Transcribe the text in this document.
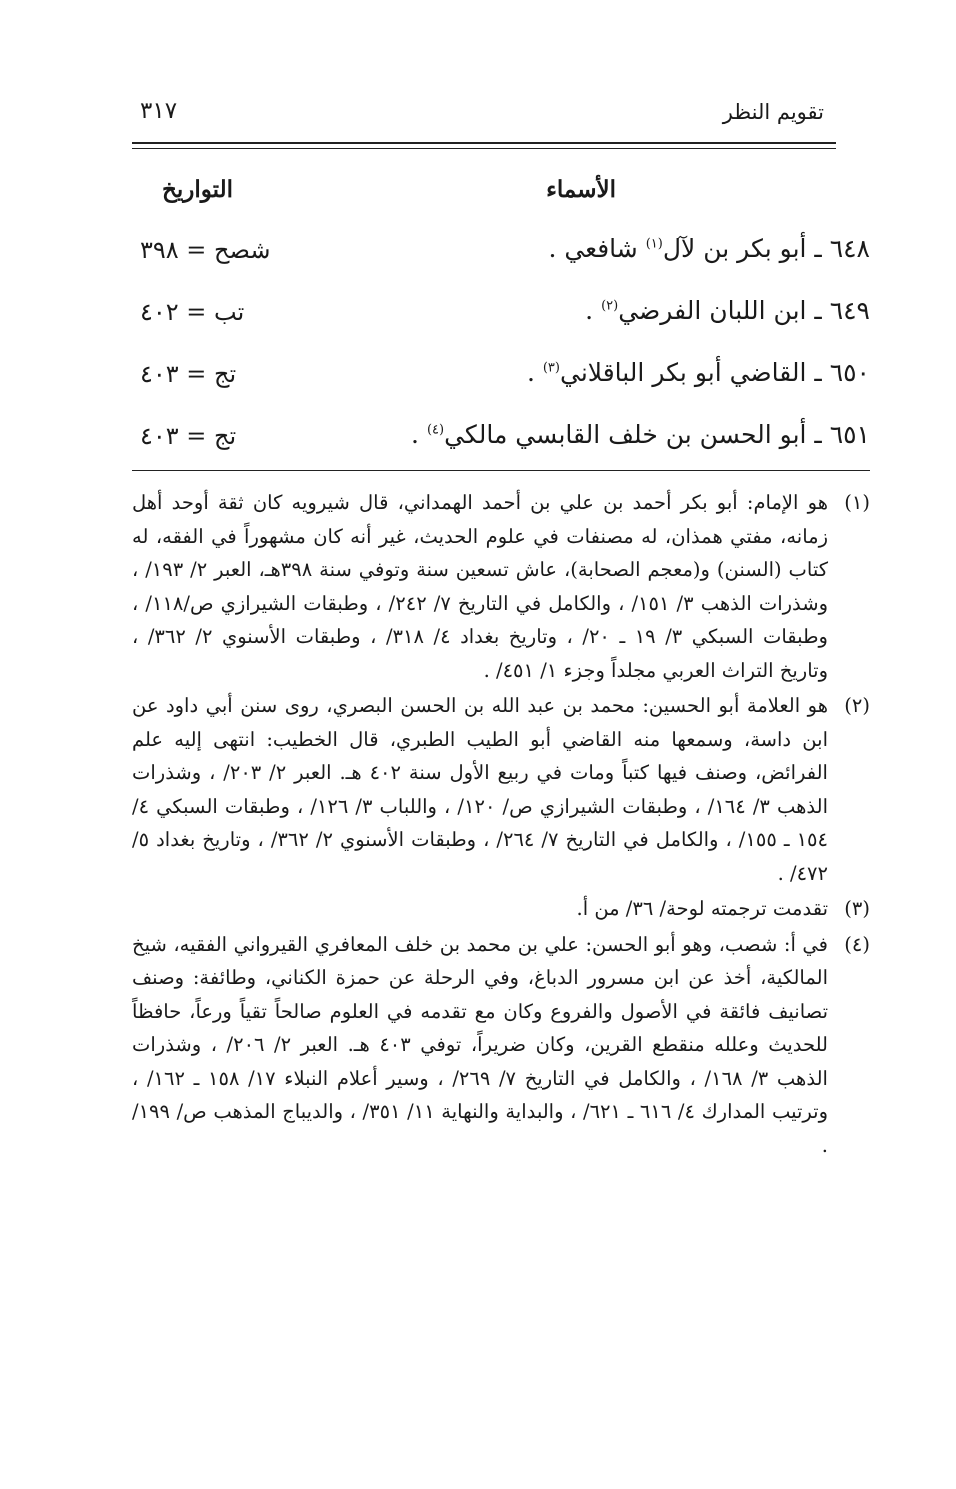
تقويم النظر
٣١٧
الأسماء
التواريخ
٦٤٨ ـ أبو بكر بن لآل$^{(١)}$ شافعي .
شصح = ٣٩٨
٦٤٩ ـ ابن اللبان الفرضي$^{(٢)}$ .
تب = ٤٠٢
٦٥٠ ـ القاضي أبو بكر الباقلاني$^{(٣)}$ .
تج = ٤٠٣
٦٥١ ـ أبو الحسن بن خلف القابسي مالكي$^{(٤)}$ .
تج = ٤٠٣
(١)
هو الإمام: أبو بكر أحمد بن علي بن أحمد الهمداني، قال شيرويه كان ثقة أوحد أهل زمانه، مفتي همذان، له مصنفات في علوم الحديث، غير أنه كان مشهوراً في الفقه، له كتاب (السنن) و(معجم الصحابة)، عاش تسعين سنة وتوفي سنة ٣٩٨هـ، العبر ٢/ ١٩٣/ ، وشذرات الذهب ٣/ ١٥١/ ، والكامل في التاريخ ٧/ ٢٤٢/ ، وطبقات الشيرازي ص/١١٨/ ، وطبقات السبكي ٣/ ١٩ ـ ٢٠/ ، وتاريخ بغداد ٤/ ٣١٨/ ، وطبقات الأسنوي ٢/ ٣٦٢/ ، وتاريخ التراث العربي مجلداً وجزء ١/ ٤٥١/ .
(٢)
هو العلامة أبو الحسين: محمد بن عبد الله بن الحسن البصري، روى سنن أبي داود عن ابن داسة، وسمعها منه القاضي أبو الطيب الطبري، قال الخطيب: انتهى إليه علم الفرائض، وصنف فيها كتباً ومات في ربيع الأول سنة ٤٠٢ هـ. العبر ٢/ ٢٠٣/ ، وشذرات الذهب ٣/ ١٦٤/ ، وطبقات الشيرازي ص/ ١٢٠/ ، واللباب ٣/ ١٢٦/ ، وطبقات السبكي ٤/ ١٥٤ ـ ١٥٥/ ، والكامل في التاريخ ٧/ ٢٦٤/ ، وطبقات الأسنوي ٢/ ٣٦٢/ ، وتاريخ بغداد ٥/ ٤٧٢/ .
(٣)
تقدمت ترجمته لوحة/ ٣٦/ من أ.
(٤)
في أ: شصب، وهو أبو الحسن: علي بن محمد بن خلف المعافري القيرواني الفقيه، شيخ المالكية، أخذ عن ابن مسرور الدباغ، وفي الرحلة عن حمزة الكناني، وطائفة: وصنف تصانيف فائقة في الأصول والفروع وكان مع تقدمه في العلوم صالحاً تقياً ورعاً، حافظاً للحديث وعلله منقطع القرين، وكان ضريراً، توفي ٤٠٣ هـ. العبر ٢/ ٢٠٦/ ، وشذرات الذهب ٣/ ١٦٨/ ، والكامل في التاريخ ٧/ ٢٦٩/ ، وسير أعلام النبلاء ١٧/ ١٥٨ ـ ١٦٢/ ، وترتيب المدارك ٤/ ٦١٦ ـ ٦٢١/ ، والبداية والنهاية ١١/ ٣٥١/ ، والديباج المذهب ص/ ١٩٩/ .
